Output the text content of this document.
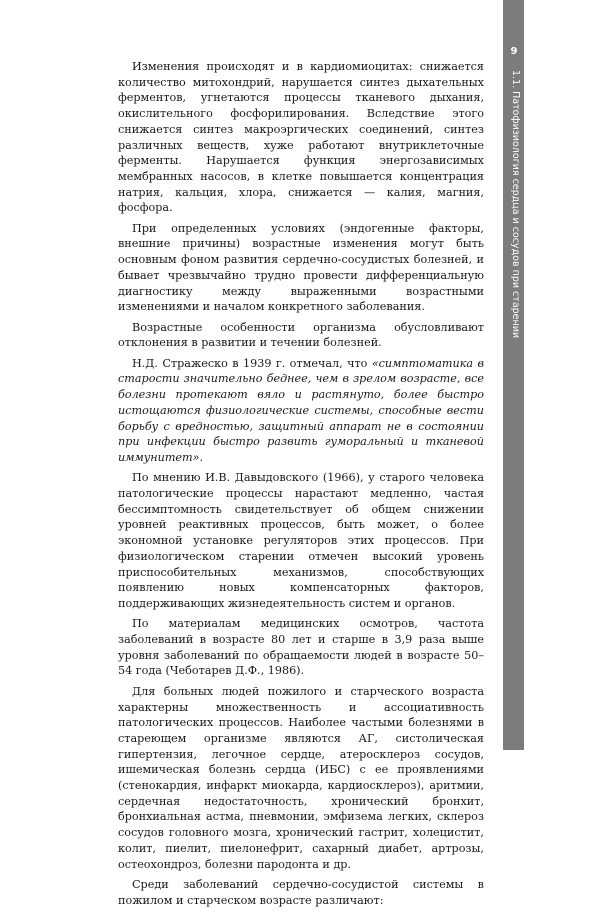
9
1.1. Патофизиология сердца и сосудов при старении

Изменения происходят и в кардиомиоцитах: снижается количество митохондрий, нарушается синтез дыхательных ферментов, угнетаются процессы тканевого дыхания, окислительного фосфорилирования. Вследствие этого снижается синтез макроэргических соединений, синтез различных веществ, хуже работают внутриклеточные ферменты. Нарушается функция энергозависимых мембранных насосов, в клетке повышается концентрация натрия, кальция, хлора, снижается — калия, магния, фосфора.

При определенных условиях (эндогенные факторы, внешние причины) возрастные изменения могут быть основным фоном развития сердечно-сосудистых болезней, и бывает чрезвычайно трудно провести дифференциальную диагностику между выраженными возрастными изменениями и началом конкретного заболевания.

Возрастные особенности организма обусловливают отклонения в развитии и течении болезней.

Н.Д. Стражеско в 1939 г. отмечал, что «симптоматика в старости значительно беднее, чем в зрелом возрасте, все болезни протекают вяло и растянуто, более быстро истощаются физиологические системы, способные вести борьбу с вредностью, защитный аппарат не в состоянии при инфекции быстро развить гуморальный и тканевой иммунитет».

По мнению И.В. Давыдовского (1966), у старого человека патологические процессы нарастают медленно, частая бессимптомность свидетельствует об общем снижении уровней реактивных процессов, быть может, о более экономной установке регуляторов этих процессов. При физиологическом старении отмечен высокий уровень приспособительных механизмов, способствующих появлению новых компенсаторных факторов, поддерживающих жизнедеятельность систем и органов.

По материалам медицинских осмотров, частота заболеваний в возрасте 80 лет и старше в 3,9 раза выше уровня заболеваний по обращаемости людей в возрасте 50–54 года (Чеботарев Д.Ф., 1986).

Для больных людей пожилого и старческого возраста характерны множественность и ассоциативность патологических процессов. Наиболее частыми болезнями в стареющем организме являются АГ, систолическая гипертензия, легочное сердце, атеросклероз сосудов, ишемическая болезнь сердца (ИБС) с ее проявлениями (стенокардия, инфаркт миокарда, кардиосклероз), аритмии, сердечная недостаточность, хронический бронхит, бронхиальная астма, пневмонии, эмфизема легких, склероз сосудов головного мозга, хронический гастрит, холецистит, колит, пиелит, пиелонефрит, сахарный диабет, артрозы, остеохондроз, болезни пародонта и др.

Среди заболеваний сердечно-сосудистой системы в пожилом и старческом возрасте различают:
